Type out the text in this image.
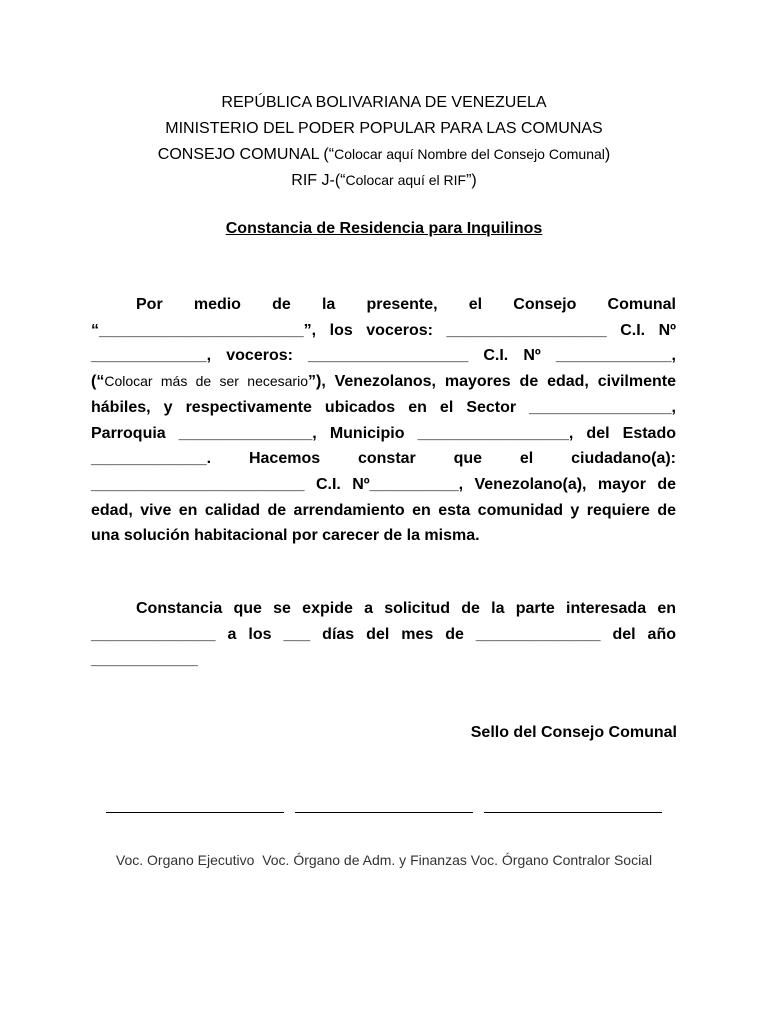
REPÚBLICA BOLIVARIANA DE VENEZUELA
MINISTERIO DEL PODER POPULAR PARA LAS COMUNAS
CONSEJO COMUNAL (“Colocar aquí Nombre del Consejo Comunal)
RIF J-(“Colocar aquí el RIF”)
Constancia de Residencia para Inquilinos

Por medio de la presente, el Consejo Comunal “_______________________”, los voceros: __________________ C.I. Nº _____________, voceros: __________________ C.I. Nº _____________, (“Colocar más de ser necesario”), Venezolanos, mayores de edad, civilmente hábiles, y respectivamente ubicados en el Sector ________________, Parroquia _______________, Municipio _________________, del Estado _____________. Hacemos constar que el ciudadano(a): ________________________ C.I. Nº__________, Venezolano(a), mayor de edad, vive en calidad de arrendamiento en esta comunidad y requiere de una solución habitacional por carecer de la misma.

Constancia que se expide a solicitud de la parte interesada en ______________ a los ___ días del mes de ______________ del año ____________

Sello del Consejo Comunal
Voc. Organo Ejecutivo  Voc. Órgano de Adm. y Finanzas Voc. Órgano Contralor Social
